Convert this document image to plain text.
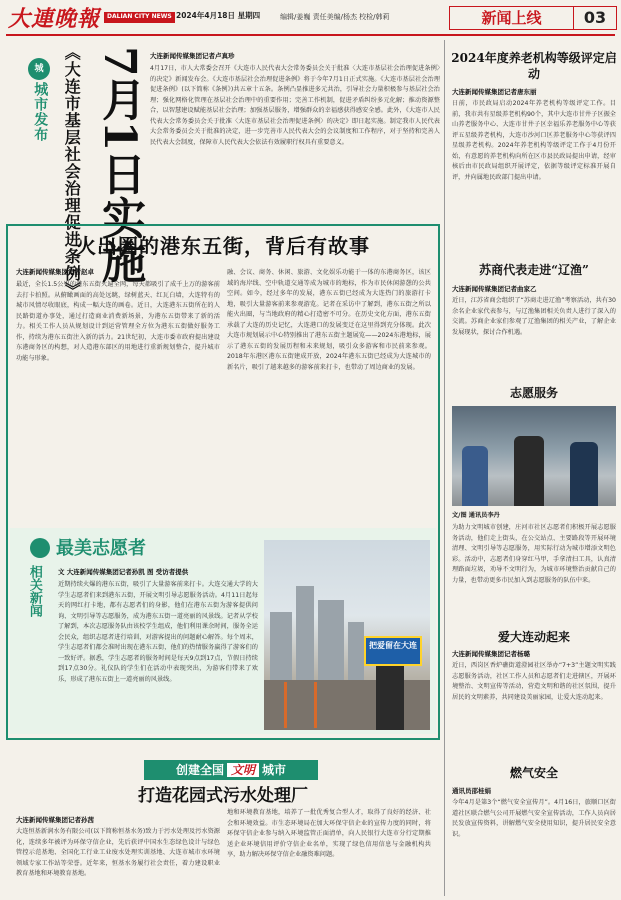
大連晚報	DALIAN CITY NEWS 2024年4月18日 星期四	编辑/姜巍 责任美编/杨杰 校检/韩莉	新闻上线	03
城
城市发布 《大连市基层社会治理促进条例》 7月1日实施 大连新闻传媒集团记者卢真珍
4月17日，市人大常委会召开《大连市人民代表大会常务委员会关于批准〈大连市基层社会治理促进条例〉的决定》新闻发布会。《大连市基层社会治理促进条例》将于今年7月1日正式实施。《大连市基层社会治理促进条例》(以下简称《条例》)共五章十五条。条例凸显推进多元共治，引导社会力量积极参与基层社会治理；强化网格化管理在基层社会治理中的重要作用；完善工作机制，促进矛盾纠纷多元化解；推动资源整合，以智慧建设赋能基层社会治理；加强基层服务，增强群众的幸福感获得感安全感。此外，《大连市人民代表大会常务委员会关于批准〈大连市基层社会治理促进条例〉的决定》即日起实施。制定我市人民代表大会常务委员会关于批准的决定，进一步完善市人民代表大会的会议制度和工作程序，对于坚持和完善人民代表大会制度，保障市人民代表大会依法有效履职行权具有重要意义。
火出圈的港东五街，背后有故事
大连新闻传媒集团记者赵卓
最近，全长1.5公里的港东五街火遍全网，每天都吸引了成千上万的游客前去打卡拍照。从俯瞰画面的高处远眺，绿树蓝天、红瓦白墙，大连特有的城市风情尽收眼底，构成一幅大连的画卷。近日，大连港东五街所在的人民路街道办事处，通过打造商业消费新场景，为港东五街带来了新的活力。相关工作人员从规划设计到运营管理全方位为港东五街做好服务工作，持续为港东五街注入新的活力。21世纪初，大连市委市政府提出建设东港商务区的构想，对人造港东部区的用地进行重新规划整合，提升城市功能与形象。
融、会议、商务、休闲、旅游、文化娱乐功能于一体的东港商务区，该区域的海岸线、空中轨道交通等成为城市的地标，作为市民休闲游憩的公共空间。如今，经过多年的发展，港东五街已经成为大连热门的旅游打卡地，吸引大量游客前来参观游览。记者在采访中了解到，港东五街之所以能火出圈，与当地政府的精心打造密不可分。在历史文化方面，港东五街承载了大连的历史记忆，大连港口的发展变迁在这里得到充分体现。此次大连市规划展示中心特别推出了港东五街主题展览——2024东港地标，展示了港东五街的发展历程和未来规划，吸引众多游客和市民前来参观。2018年东港区港东五街建成开放，2024年港东五街已经成为大连城市的新名片，吸引了越来越多的游客前来打卡，也带动了周边商业的发展。
最美志愿者
相关新闻 文 大连新闻传媒集团记者孙凯 图 受访者提供
近期持续火爆的港东五街，吸引了大量游客前来打卡。大连交通大学的大学生志愿者们来到港东五街，开展文明引导志愿服务活动。4月11日起每天的网红打卡地，都有志愿者们的身影，他们在港东五街为游客提供问询、文明引导等志愿服务，成为港东五街一道亮丽的风景线。记者从学校了解到，本次志愿服务队由该校学生组成，他们利用课余时间，服务全运会民众，组织志愿者进行培训，对游客提出的问题耐心解答。每个周末，学生志愿者们都会准时出现在港东五街，他们的热情服务赢得了游客们的一致好评。据悉，学生志愿者的服务时间是每天9点到17点，节假日持续到17点30分。礼仪队的学生们在活动中表现突出，为游客们带来了欢乐，形成了港东五街上一道亮丽的风景线。
把爱留在大连
创建全国 文明 城市
打造花园式污水处理厂
大连新闻传媒集团记者孙茜
大连恒基新润水务有限公司(以下简称恒基水务)致力于污水处理及污水资源化，连续多年被评为环保守信企业，先后获评中国水生态绿色设计与绿色管控示范基地、全国化工行业工业废水处理实训基地、大连市城市水环境领域专家工作站等荣誉。近年来，恒基水务履行社会责任，着力建设职业教育基地和环境教育基地。
地和环境教育基地，培养了一批优秀复合型人才，取得了良好的经济、社会和环境效益。市生态环境局在加大环保守信企业的宣传力度的同时，将环保守信企业参与纳入环境监管正面清单，向人民银行大连市分行定期推送企业环境信用评价守信企业名单，实现了绿色信用信息与金融机构共享，助力解决环保守信企业融资难问题。
2024年度养老机构等级评定启动
大连新闻传媒集团记者唐东丽
日前，市民政局启动2024年养老机构等级评定工作。目前，我市共有星级养老机构90个，其中大连市甘井子区振全山养老服务中心、大连市甘井子区幸福乐养老服务中心等获评五星级养老机构，大连市沙河口区养老服务中心等获评四星级养老机构。2024年养老机构等级评定工作于4月份开始，有意愿的养老机构向所在区市县民政局提出申请，经审核后由市民政局组织开展评定，依据等级评定标准开展自评，并向属地民政部门提出申请。
苏商代表走进“辽渔”
大连新闻传媒集团记者曲家乙
近日，江苏省商会组织了“苏商走进辽渔”考察活动，共有30余名企业家代表参与，与辽渔集团相关负责人进行了深入的交流。苏商企业家们参观了辽渔集团的相关产业，了解企业发展现状，探讨合作机遇。
志愿服务
文/图 通讯员李丹
为助力文明城市创建，庄河市社区志愿者们积极开展志愿服务活动，他们走上街头，在公交站点、主要路段等开展环境清理、文明引导等志愿服务，用实际行动为城市增添文明色彩。活动中，志愿者们身穿红马甲，手拿清扫工具，认真清理路面垃圾，劝导不文明行为，为城市环境整治贡献自己的力量，也带动更多市民加入到志愿服务的队伍中来。
爱大连动起来
大连新闻传媒集团记者杨璐
近日，西岗区香炉礁街道澄园社区举办“7+3”主题文明实践志愿服务活动，社区工作人员和志愿者们走进辖区，开展环境整治、文明宣传等活动，营造文明和谐的社区氛围，提升居民的文明素养，共同建设美丽家园，让爱大连动起来。
燃气安全
通讯员邵桂娟
今年4月是第3个“燃气安全宣传月”。4月16日，旅顺口区街道社区联合燃气公司开展燃气安全宣传活动，工作人员向居民发放宣传资料，讲解燃气安全使用知识，提升居民安全意识。
